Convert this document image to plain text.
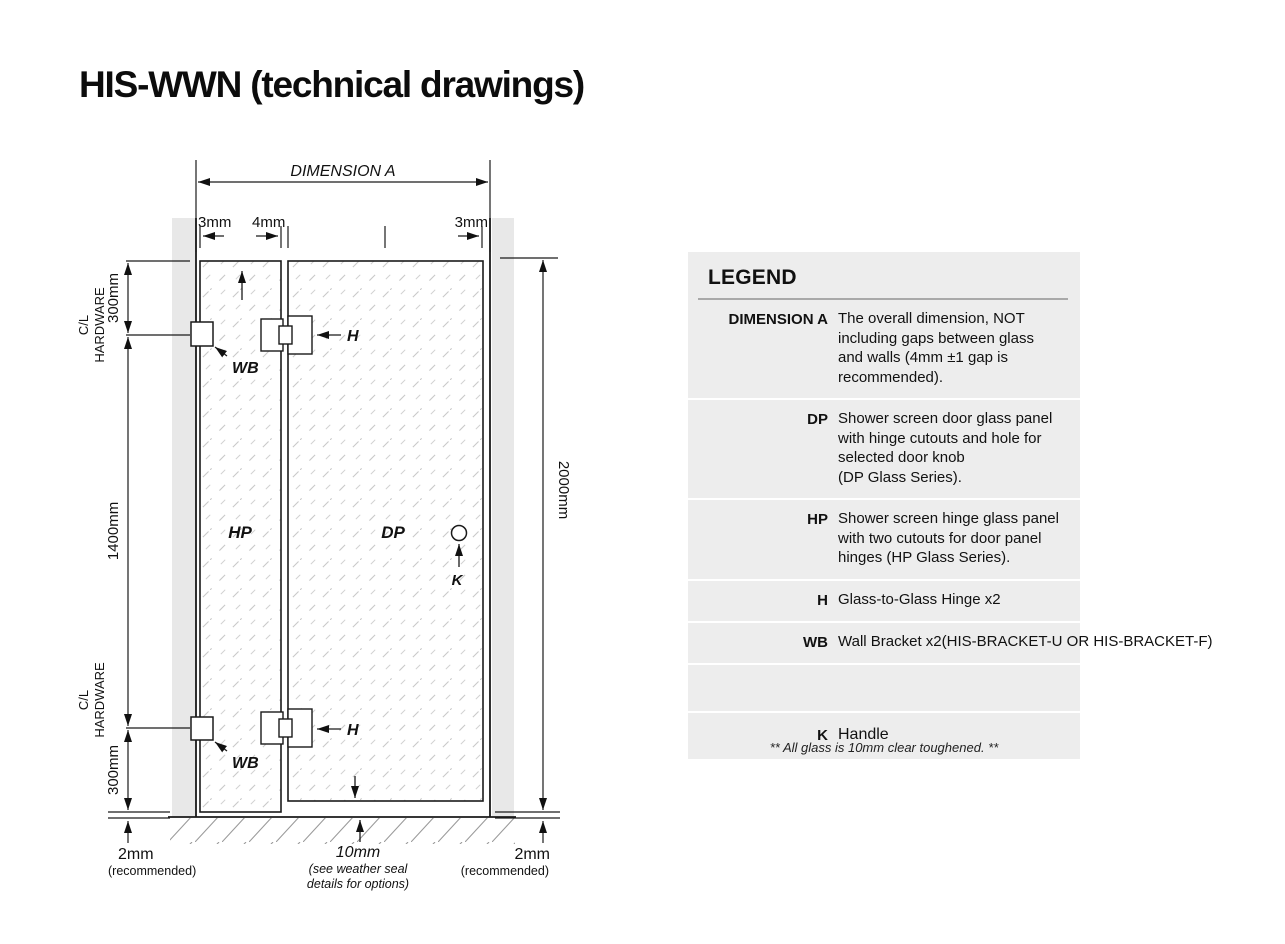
HIS-WWN (technical drawings)
DIMENSION A
3mm 4mm	3mm
C/L HARDWARE
300mm
1400mm
C/L HARDWARE
300mm
2000mm
HP	DP
WB
WB
H
H
K
2mm
(recommended)
10mm
(see weather seal
details for options)
2mm
(recommended)
LEGEND
DIMENSION A The overall dimension, NOT
including gaps between glass
and walls (4mm ±1 gap is
recommended).
DP Shower screen door glass panel
with hinge cutouts and hole for
selected door knob
(DP Glass Series).
HP Shower screen hinge glass panel
with two cutouts for door panel
hinges (HP Glass Series).
H Glass-to-Glass Hinge x2
WB Wall Bracket x2(HIS-BRACKET-U OR HIS-BRACKET-F)
K Handle
** All glass is 10mm clear toughened. **
